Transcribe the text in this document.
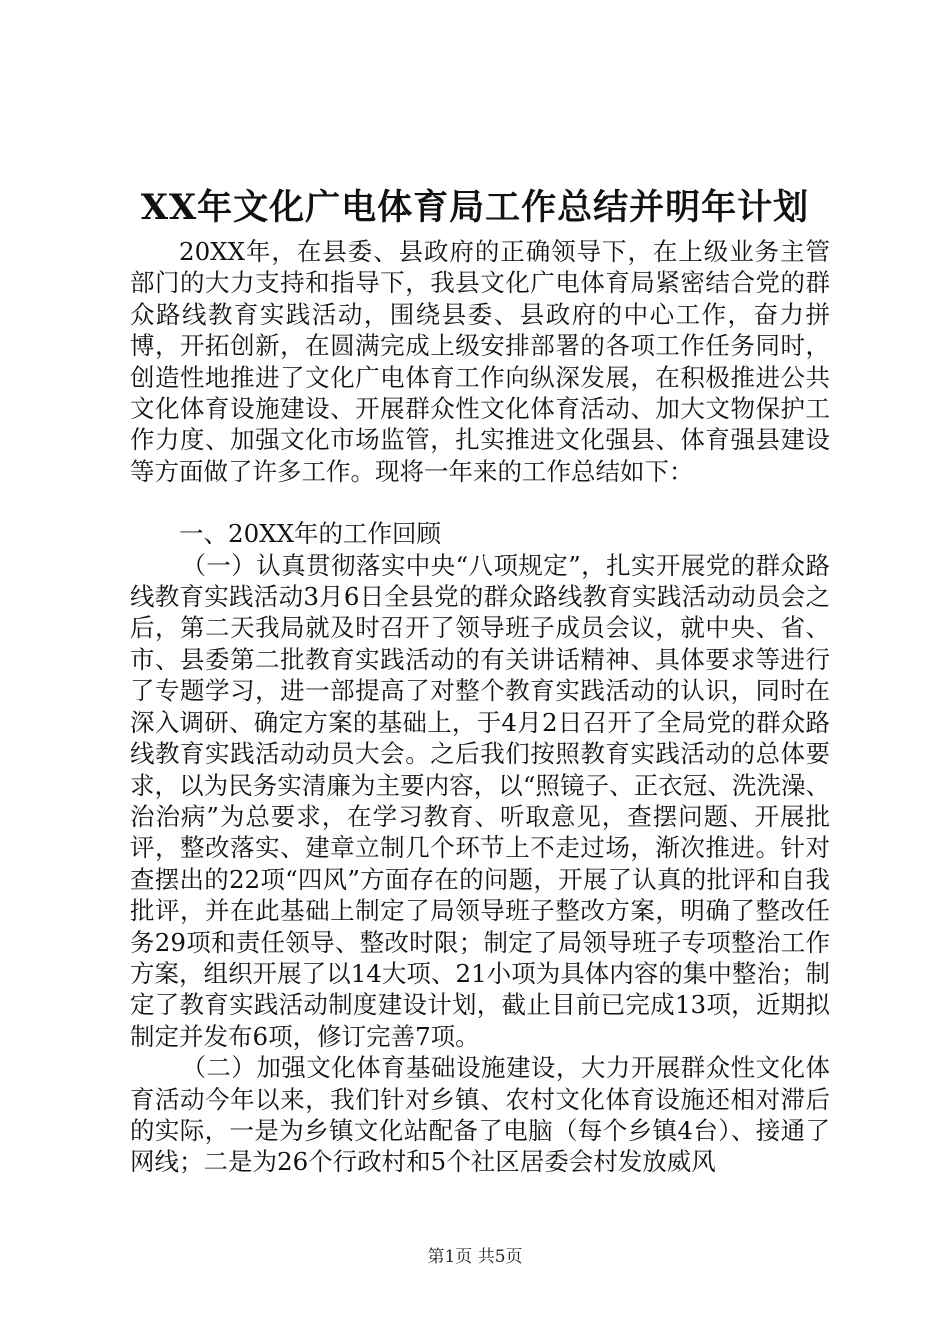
XX年文化广电体育局工作总结并明年计划

20XX年，在县委、县政府的正确领导下，在上级业务主管部门的大力支持和指导下，我县文化广电体育局紧密结合党的群众路线教育实践活动，围绕县委、县政府的中心工作，奋力拼博，开拓创新，在圆满完成上级安排部署的各项工作任务同时，创造性地推进了文化广电体育工作向纵深发展，在积极推进公共文化体育设施建设、开展群众性文化体育活动、加大文物保护工作力度、加强文化市场监管，扎实推进文化强县、体育强县建设等方面做了许多工作。现将一年来的工作总结如下：

一、20XX年的工作回顾

（一）认真贯彻落实中央“八项规定”，扎实开展党的群众路线教育实践活动3月6日全县党的群众路线教育实践活动动员会之后，第二天我局就及时召开了领导班子成员会议，就中央、省、市、县委第二批教育实践活动的有关讲话精神、具体要求等进行了专题学习，进一部提高了对整个教育实践活动的认识，同时在深入调研、确定方案的基础上，于4月2日召开了全局党的群众路线教育实践活动动员大会。之后我们按照教育实践活动的总体要求，以为民务实清廉为主要内容，以“照镜子、正衣冠、洗洗澡、治治病”为总要求，在学习教育、听取意见，查摆问题、开展批评，整改落实、建章立制几个环节上不走过场，渐次推进。针对查摆出的22项“四风”方面存在的问题，开展了认真的批评和自我批评，并在此基础上制定了局领导班子整改方案，明确了整改任务29项和责任领导、整改时限；制定了局领导班子专项整治工作方案，组织开展了以14大项、21小项为具体内容的集中整治；制定了教育实践活动制度建设计划，截止目前已完成13项，近期拟制定并发布6项，修订完善7项。

（二）加强文化体育基础设施建设，大力开展群众性文化体育活动今年以来，我们针对乡镇、农村文化体育设施还相对滞后的实际，一是为乡镇文化站配备了电脑（每个乡镇4台）、接通了网线；二是为26个行政村和5个社区居委会村发放威风

第1页 共5页
